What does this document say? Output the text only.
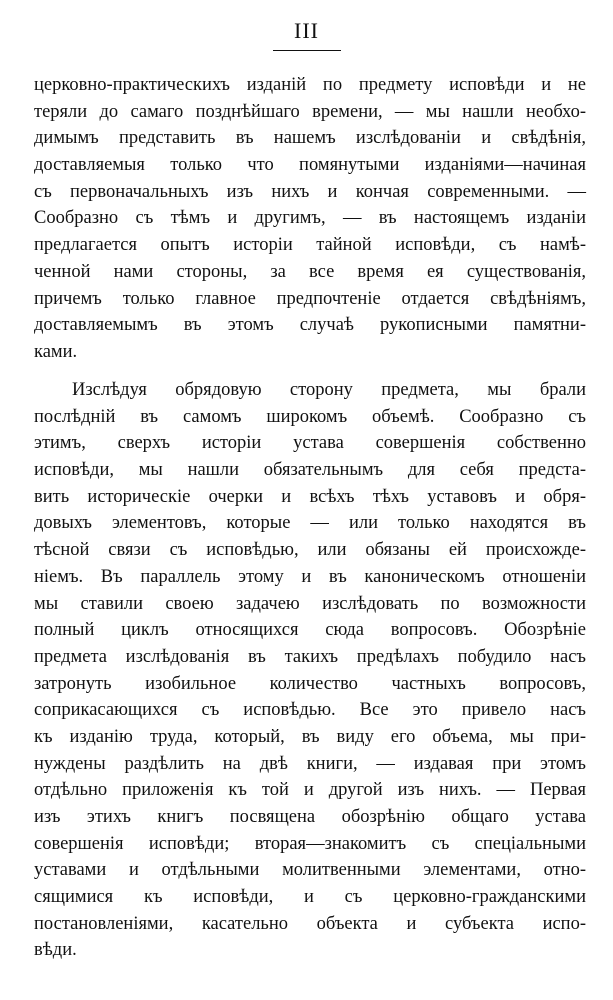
III
церковно-практическихъ изданiй по предмету исповѣди и не
теряли до самаго позднѣйшаго времени, — мы нашли необхо-
димымъ представить въ нашемъ изслѣдованiи и свѣдѣнiя,
доставляемыя только что помянутыми изданiями—начиная
съ первоначальныхъ изъ нихъ и кончая современными. —
Сообразно съ тѣмъ и другимъ, — въ настоящемъ изданiи
предлагается опытъ исторiи тайной исповѣди, съ намѣ-
ченной нами стороны, за все время ея существованiя,
причемъ только главное предпочтенiе отдается свѣдѣнiямъ,
доставляемымъ въ этомъ случаѣ рукописными памятни-
ками.
Изслѣдуя обрядовую сторону предмета, мы брали
послѣднiй въ самомъ широкомъ объемѣ. Сообразно съ
этимъ, сверхъ исторiи устава совершенiя собственно
исповѣди, мы нашли обязательнымъ для себя предста-
вить историческiе очерки и всѣхъ тѣхъ уставовъ и обря-
довыхъ элементовъ, которые — или только находятся въ
тѣсной связи съ исповѣдью, или обязаны ей происхожде-
нiемъ. Въ параллель этому и въ каноническомъ отношенiи
мы ставили своею задачею изслѣдовать по возможности
полный циклъ относящихся сюда вопросовъ. Обозрѣнiе
предмета изслѣдованiя въ такихъ предѣлахъ побудило насъ
затронуть изобильное количество частныхъ вопросовъ,
соприкасающихся съ исповѣдью. Все это привело насъ
къ изданiю труда, который, въ виду его объема, мы при-
нуждены раздѣлить на двѣ книги, — издавая при этомъ
отдѣльно приложенiя къ той и другой изъ нихъ. — Первая
изъ этихъ книгъ посвящена обозрѣнiю общаго устава
совершенiя исповѣди; вторая—знакомитъ съ спецiальными
уставами и отдѣльными молитвенными элементами, отно-
сящимися къ исповѣди, и съ церковно-гражданскими
постановленiями, касательно объекта и субъекта испо-
вѣди.
